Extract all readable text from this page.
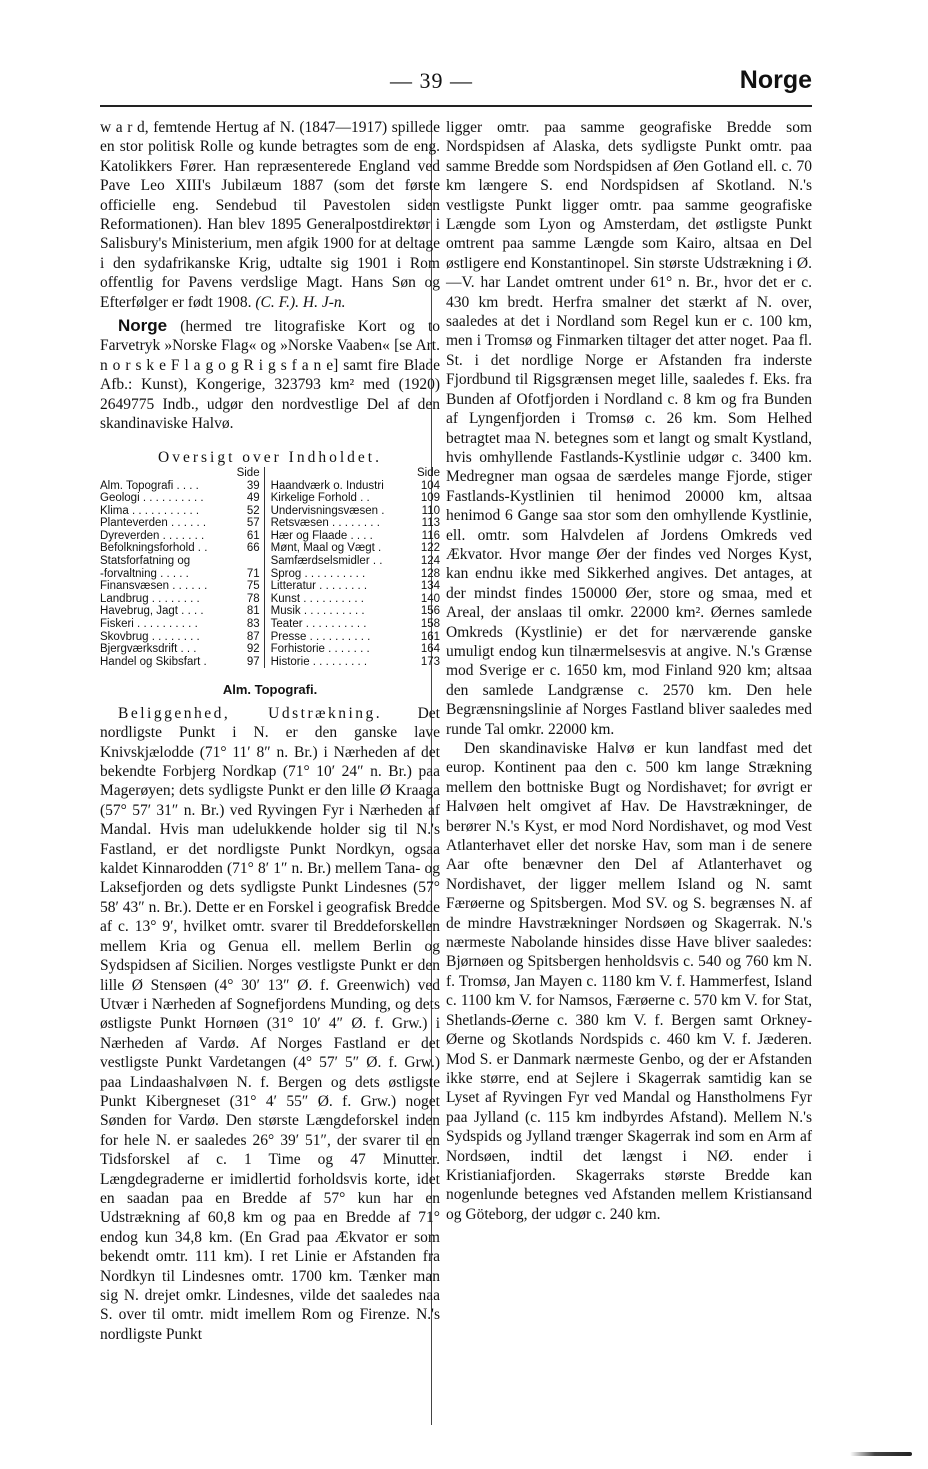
— 39 —	Norge

w a r d, femtende Hertug af N. (1847—1917) spillede en stor politisk Rolle og kunde betragtes som de eng. Katolikkers Fører. Han repræsenterede England ved Pave Leo XIII's Jubilæum 1887 (som det første officielle eng. Sendebud til Pavestolen siden Reformationen). Han blev 1895 Generalpostdirektør i Salisbury's Ministerium, men afgik 1900 for at deltage i den sydafrikanske Krig, udtalte sig 1901 i Rom offentlig for Pavens verdslige Magt. Hans Søn og Efterfølger er født 1908. (C. F.). H. J-n.

Norge (hermed tre litografiske Kort og to Farvetryk »Norske Flag« og »Norske Vaaben« [se Art. n o r s k e F l a g o g R i g s f a n e] samt fire Blade Afb.: Kunst), Kongerige, 323793 km² med (1920) 2649775 Indb., udgør den nordvestlige Del af den skandinaviske Halvø.

Oversigt over Indholdet.
	Side		Side
Alm. Topografi . . . .	39	Haandværk o. Industri	104
Geologi . . . . . . . . . .	49	Kirkelige Forhold . .	109
Klima . . . . . . . . . . .	52	Undervisningsvæsen .	110
Planteverden . . . . . .	57	Retsvæsen . . . . . . . .	113
Dyreverden . . . . . . .	61	Hær og Flaade . . . .	116
Befolkningsforhold . .	66	Mønt, Maal og Vægt .	122
Statsforfatning og		Samfærdselsmidler . .	124
-forvaltning . . . . .	71	Sprog . . . . . . . . . .	128
Finansvæsen . . . . . .	75	Litteratur . . . . . . . .	134
Landbrug . . . . . . . .	78	Kunst . . . . . . . . . .	140
Havebrug, Jagt . . . .	81	Musik . . . . . . . . . .	156
Fiskeri . . . . . . . . . .	83	Teater . . . . . . . . . .	158
Skovbrug . . . . . . . .	87	Presse . . . . . . . . . .	161
Bjergværksdrift . . .	92	Forhistorie . . . . . . .	164
Handel og Skibsfart .	97	Historie . . . . . . . . .	173
Alm. Topografi.

Beliggenhed, Udstrækning. Det nordligste Punkt i N. er den ganske lave Knivskjælodde (71° 11′ 8″ n. Br.) i Nærheden af det bekendte Forbjerg Nordkap (71° 10′ 24″ n. Br.) paa Magerøyen; dets sydligste Punkt er den lille Ø Kraaga (57° 57′ 31″ n. Br.) ved Ryvingen Fyr i Nærheden af Mandal. Hvis man udelukkende holder sig til N.'s Fastland, er det nordligste Punkt Nordkyn, ogsaa kaldet Kinnarodden (71° 8′ 1″ n. Br.) mellem Tana- og Laksefjorden og dets sydligste Punkt Lindesnes (57° 58′ 43″ n. Br.). Dette er en Forskel i geografisk Bredde af c. 13° 9′, hvilket omtr. svarer til Breddeforskellen mellem Kria og Genua ell. mellem Berlin og Sydspidsen af Sicilien. Norges vestligste Punkt er den lille Ø Stensøen (4° 30′ 13″ Ø. f. Greenwich) ved Utvær i Nærheden af Sognefjordens Munding, og dets østligste Punkt Hornøen (31° 10′ 4″ Ø. f. Grw.) i Nærheden af Vardø. Af Norges Fastland er det vestligste Punkt Vardetangen (4° 57′ 5″ Ø. f. Grw.) paa Lindaashalvøen N. f. Bergen og dets østligste Punkt Kibergneset (31° 4′ 55″ Ø. f. Grw.) noget Sønden for Vardø. Den største Længdeforskel inden for hele N. er saaledes 26° 39′ 51″, der svarer til en Tidsforskel af c. 1 Time og 47 Minutter. Længdegraderne er imidlertid forholdsvis korte, idet en saadan paa en Bredde af 57° kun har en Udstrækning af 60,8 km og paa en Bredde af 71° endog kun 34,8 km. (En Grad paa Ækvator er som bekendt omtr. 111 km). I ret Linie er Afstanden fra Nordkyn til Lindesnes omtr. 1700 km. Tænker man sig N. drejet omkr. Lindesnes, vilde det saaledes naa S. over til omtr. midt imellem Rom og Firenze. N.'s nordligste Punkt

ligger omtr. paa samme geografiske Bredde som Nordspidsen af Alaska, dets sydligste Punkt omtr. paa samme Bredde som Nordspidsen af Øen Gotland ell. c. 70 km længere S. end Nordspidsen af Skotland. N.'s vestligste Punkt ligger omtr. paa samme geografiske Længde som Lyon og Amsterdam, det østligste Punkt omtrent paa samme Længde som Kairo, altsaa en Del østligere end Konstantinopel. Sin største Udstrækning i Ø.—V. har Landet omtrent under 61° n. Br., hvor det er c. 430 km bredt. Herfra smalner det stærkt af N. over, saaledes at det i Nordland som Regel kun er c. 100 km, men i Tromsø og Finmarken tiltager det atter noget. Paa fl. St. i det nordlige Norge er Afstanden fra inderste Fjordbund til Rigsgrænsen meget lille, saaledes f. Eks. fra Bunden af Ofotfjorden i Nordland c. 8 km og fra Bunden af Lyngenfjorden i Tromsø c. 26 km. Som Helhed betragtet maa N. betegnes som et langt og smalt Kystland, hvis omhyllende Fastlands-Kystlinie udgør c. 3400 km. Medregner man ogsaa de særdeles mange Fjorde, stiger Fastlands-Kystlinien til henimod 20000 km, altsaa henimod 6 Gange saa stor som den omhyllende Kystlinie, ell. omtr. som Halvdelen af Jordens Omkreds ved Ækvator. Hvor mange Øer der findes ved Norges Kyst, kan endnu ikke med Sikkerhed angives. Det antages, at der mindst findes 150000 Øer, store og smaa, med et Areal, der anslaas til omkr. 22000 km². Øernes samlede Omkreds (Kystlinie) er det for nærværende ganske umuligt endog kun tilnærmelsesvis at angive. N.'s Grænse mod Sverige er c. 1650 km, mod Finland 920 km; altsaa den samlede Landgrænse c. 2570 km. Den hele Begrænsningslinie af Norges Fastland bliver saaledes med runde Tal omkr. 22000 km.

Den skandinaviske Halvø er kun landfast med det europ. Kontinent paa den c. 500 km lange Strækning mellem den bottniske Bugt og Nordishavet; for øvrigt er Halvøen helt omgivet af Hav. De Havstrækninger, de berører N.'s Kyst, er mod Nord Nordishavet, og mod Vest Atlanterhavet eller det norske Hav, som man i de senere Aar ofte benævner den Del af Atlanterhavet og Nordishavet, der ligger mellem Island og N. samt Færøerne og Spitsbergen. Mod SV. og S. begrænses N. af de mindre Havstrækninger Nordsøen og Skagerrak. N.'s nærmeste Nabolande hinsides disse Have bliver saaledes: Bjørnøen og Spitsbergen henholdsvis c. 540 og 760 km N. f. Tromsø, Jan Mayen c. 1180 km V. f. Hammerfest, Island c. 1100 km V. for Namsos, Færøerne c. 570 km V. for Stat, Shetlands-Øerne c. 380 km V. f. Bergen samt Orkney-Øerne og Skotlands Nordspids c. 460 km V. f. Jæderen. Mod S. er Danmark nærmeste Genbo, og der er Afstanden ikke større, end at Sejlere i Skagerrak samtidig kan se Lyset af Ryvingen Fyr ved Mandal og Hanstholmens Fyr paa Jylland (c. 115 km indbyrdes Afstand). Mellem N.'s Sydspids og Jylland trænger Skagerrak ind som en Arm af Nordsøen, indtil det længst i NØ. ender i Kristianiafjorden. Skagerraks største Bredde kan nogenlunde betegnes ved Afstanden mellem Kristiansand og Göteborg, der udgør c. 240 km.
